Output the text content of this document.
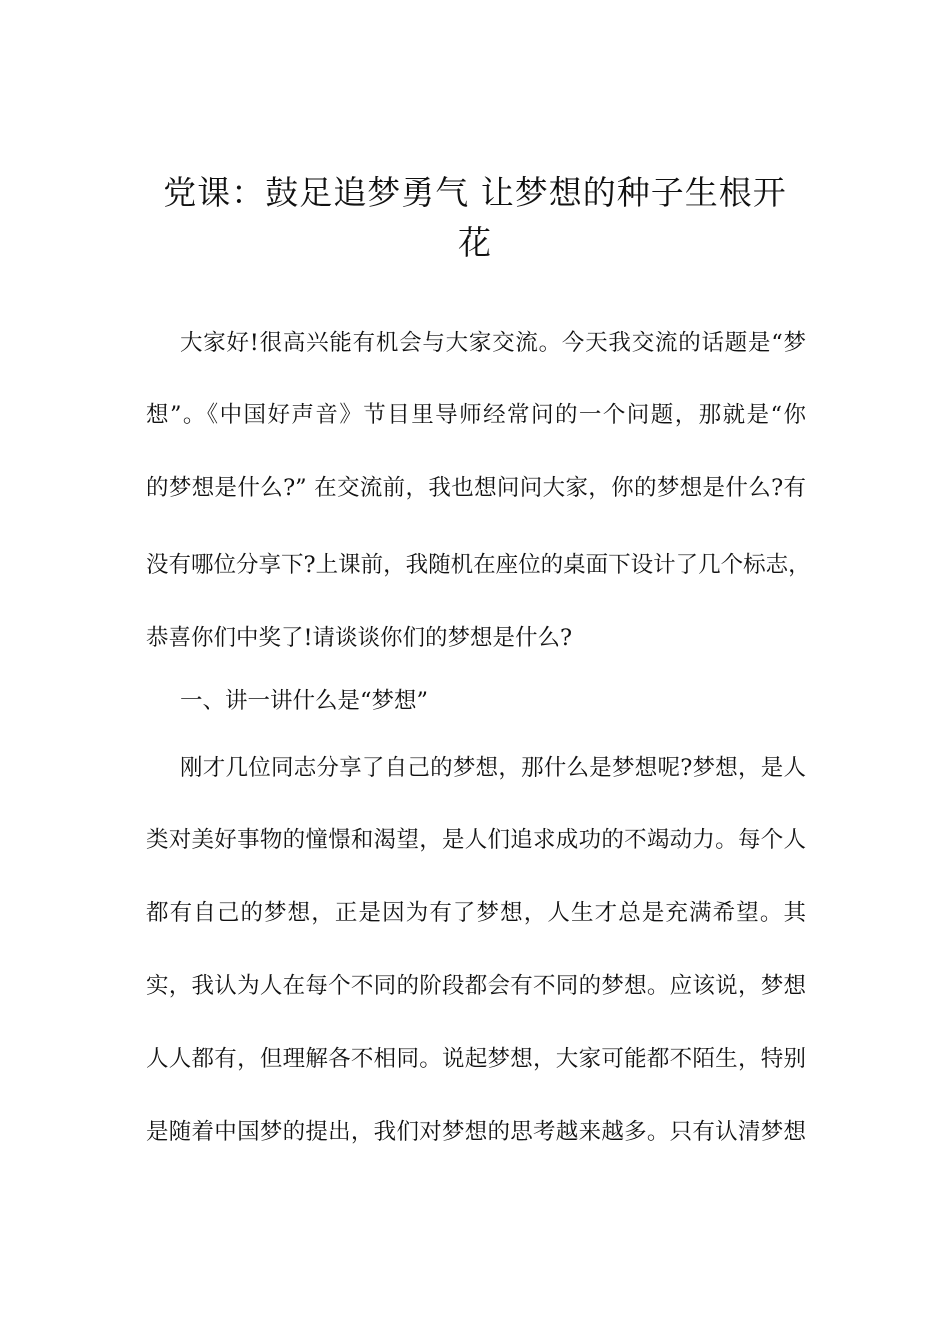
党课：鼓足追梦勇气 让梦想的种子生根开
花

大家好!很高兴能有机会与大家交流。今天我交流的话题是“梦

想”。《中国好声音》节目里导师经常问的一个问题，那就是“你

的梦想是什么?” 在交流前，我也想问问大家，你的梦想是什么?有

没有哪位分享下?上课前，我随机在座位的桌面下设计了几个标志，

恭喜你们中奖了!请谈谈你们的梦想是什么?

一、讲一讲什么是“梦想”

刚才几位同志分享了自己的梦想，那什么是梦想呢?梦想，是人

类对美好事物的憧憬和渴望，是人们追求成功的不竭动力。每个人

都有自己的梦想，正是因为有了梦想，人生才总是充满希望。其

实，我认为人在每个不同的阶段都会有不同的梦想。应该说，梦想

人人都有，但理解各不相同。说起梦想，大家可能都不陌生，特别

是随着中国梦的提出，我们对梦想的思考越来越多。只有认清梦想
